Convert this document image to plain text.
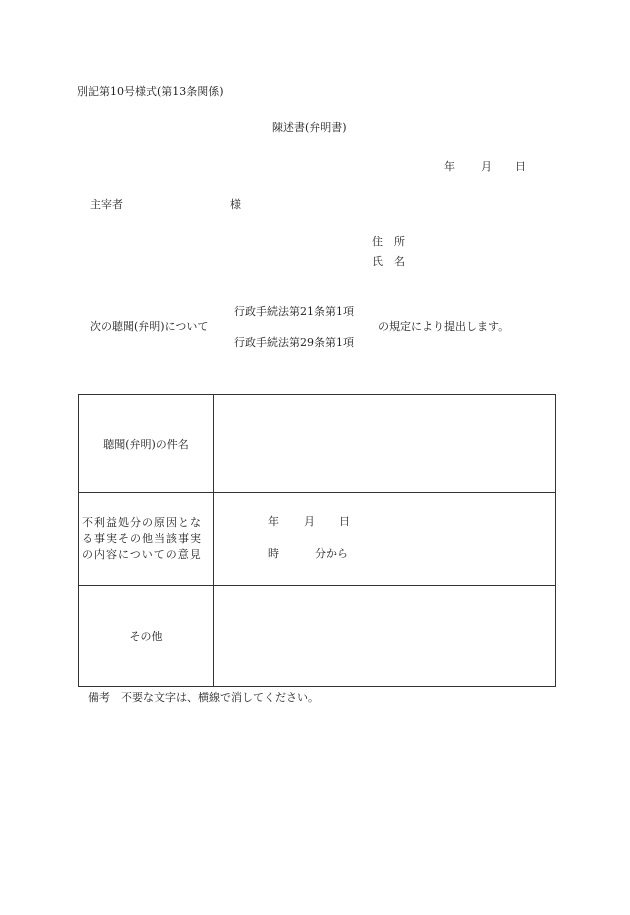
別記第10号様式(第13条関係)
陳述書(弁明書)
年 月 日
主宰者	様
住　所
氏　名
次の聴聞(弁明)について
行政手続法第21条第1項
行政手続法第29条第1項
の規定により提出します。
聴聞(弁明)の件名
不利益処分の原因となる事実その他当該事実の内容についての意見
年 月 日
時	分から
その他
備考　不要な文字は、横線で消してください。
